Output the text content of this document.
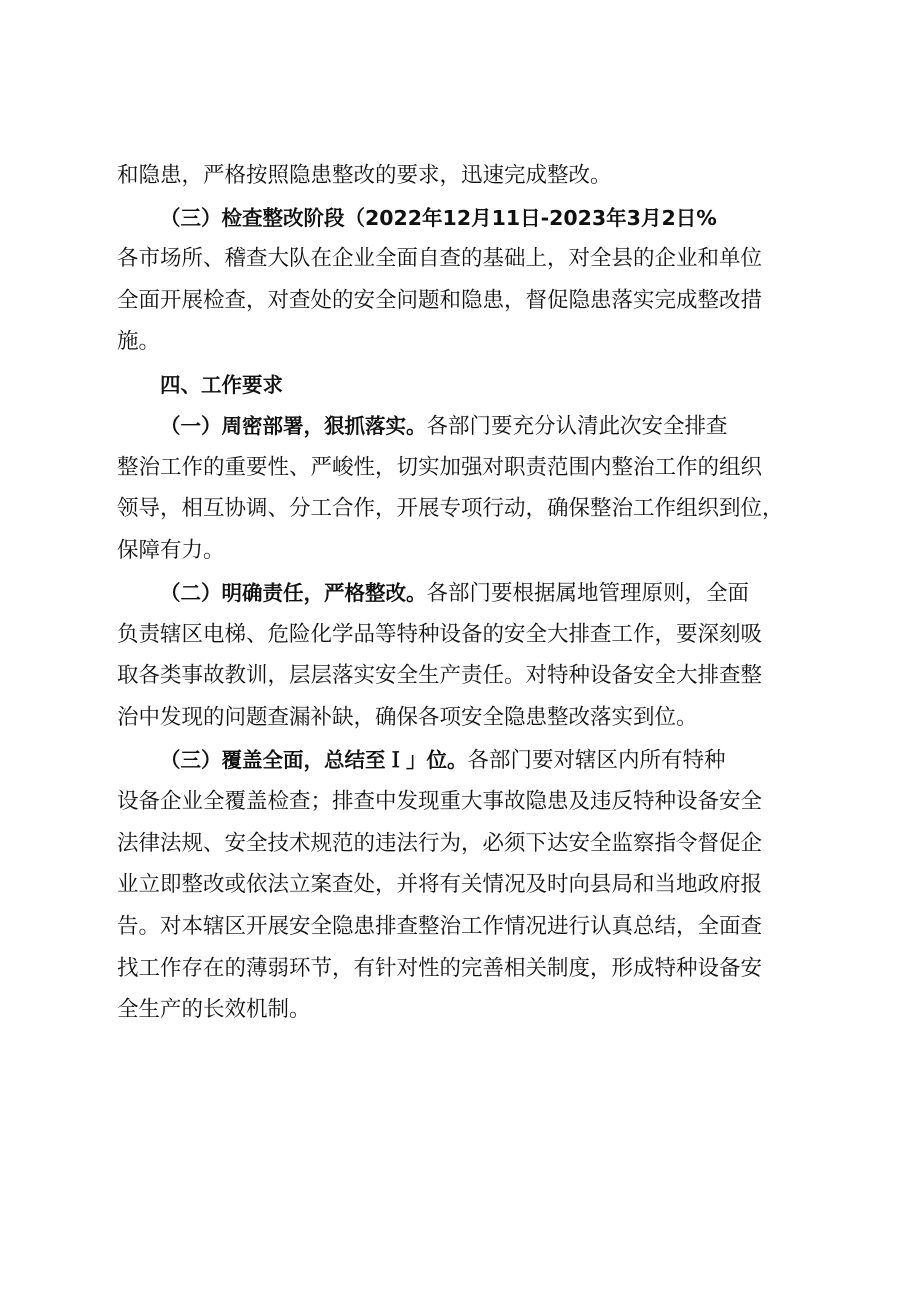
和隐患，严格按照隐患整改的要求，迅速完成整改。
（三）检查整改阶段（2022年12月11日-2023年3月2日%
各市场所、稽查大队在企业全面自查的基础上，对全县的企业和单位
全面开展检查，对查处的安全问题和隐患，督促隐患落实完成整改措
施。
四、工作要求
（一）周密部署，狠抓落实。各部门要充分认清此次安全排查
整治工作的重要性、严峻性，切实加强对职责范围内整治工作的组织
领导，相互协调、分工合作，开展专项行动，确保整治工作组织到位，
保障有力。
（二）明确责任，严格整改。各部门要根据属地管理原则，全面
负责辖区电梯、危险化学品等特种设备的安全大排查工作，要深刻吸
取各类事故教训，层层落实安全生产责任。对特种设备安全大排查整
治中发现的问题查漏补缺，确保各项安全隐患整改落实到位。
（三）覆盖全面，总结至Ｉ」位。各部门要对辖区内所有特种
设备企业全覆盖检查；排查中发现重大事故隐患及违反特种设备安全
法律法规、安全技术规范的违法行为，必须下达安全监察指令督促企
业立即整改或依法立案查处，并将有关情况及时向县局和当地政府报
告。对本辖区开展安全隐患排查整治工作情况进行认真总结，全面查
找工作存在的薄弱环节，有针对性的完善相关制度，形成特种设备安
全生产的长效机制。
